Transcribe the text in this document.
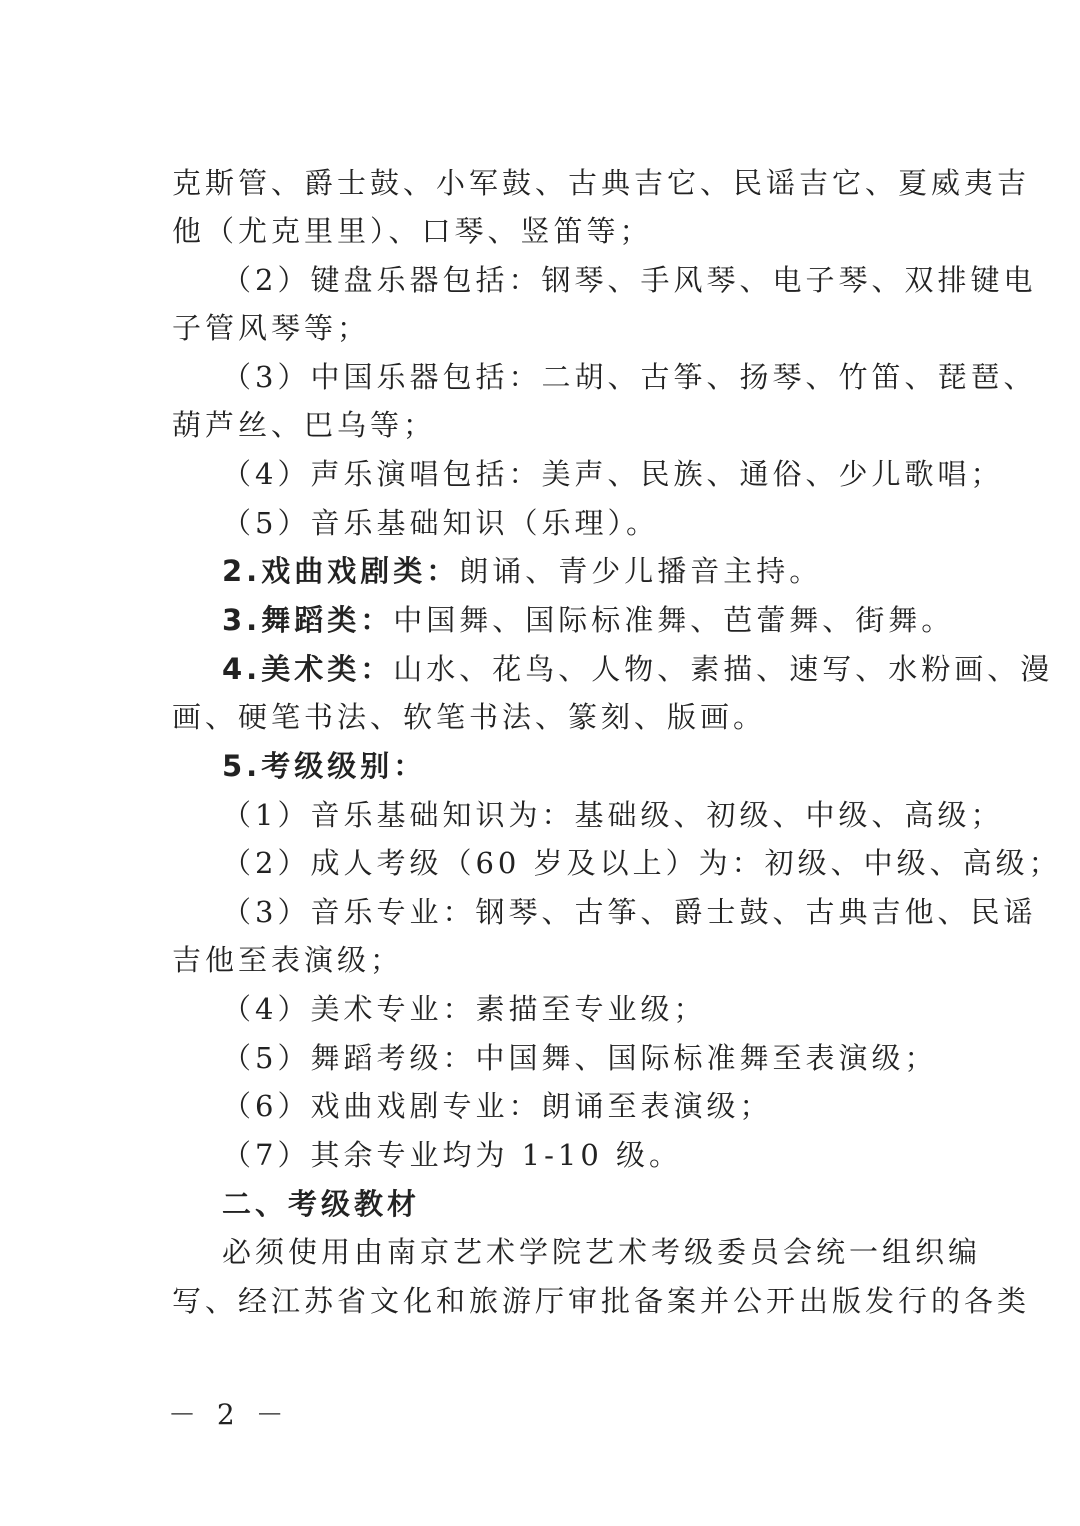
克斯管、爵士鼓、小军鼓、古典吉它、民谣吉它、夏威夷吉
他（尤克里里）、口琴、竖笛等；
（2）键盘乐器包括：钢琴、手风琴、电子琴、双排键电
子管风琴等；
（3）中国乐器包括：二胡、古筝、扬琴、竹笛、琵琶、
葫芦丝、巴乌等；
（4）声乐演唱包括：美声、民族、通俗、少儿歌唱；
（5）音乐基础知识（乐理）。
2.戏曲戏剧类：朗诵、青少儿播音主持。
3.舞蹈类：中国舞、国际标准舞、芭蕾舞、街舞。
4.美术类：山水、花鸟、人物、素描、速写、水粉画、漫
画、硬笔书法、软笔书法、篆刻、版画。
5.考级级别：
（1）音乐基础知识为：基础级、初级、中级、高级；
（2）成人考级（60 岁及以上）为：初级、中级、高级；
（3）音乐专业：钢琴、古筝、爵士鼓、古典吉他、民谣
吉他至表演级；
（4）美术专业：素描至专业级；
（5）舞蹈考级：中国舞、国际标准舞至表演级；
（6）戏曲戏剧专业：朗诵至表演级；
（7）其余专业均为 1-10 级。
二、考级教材
必须使用由南京艺术学院艺术考级委员会统一组织编
写、经江苏省文化和旅游厅审批备案并公开出版发行的各类
－ 2 －
